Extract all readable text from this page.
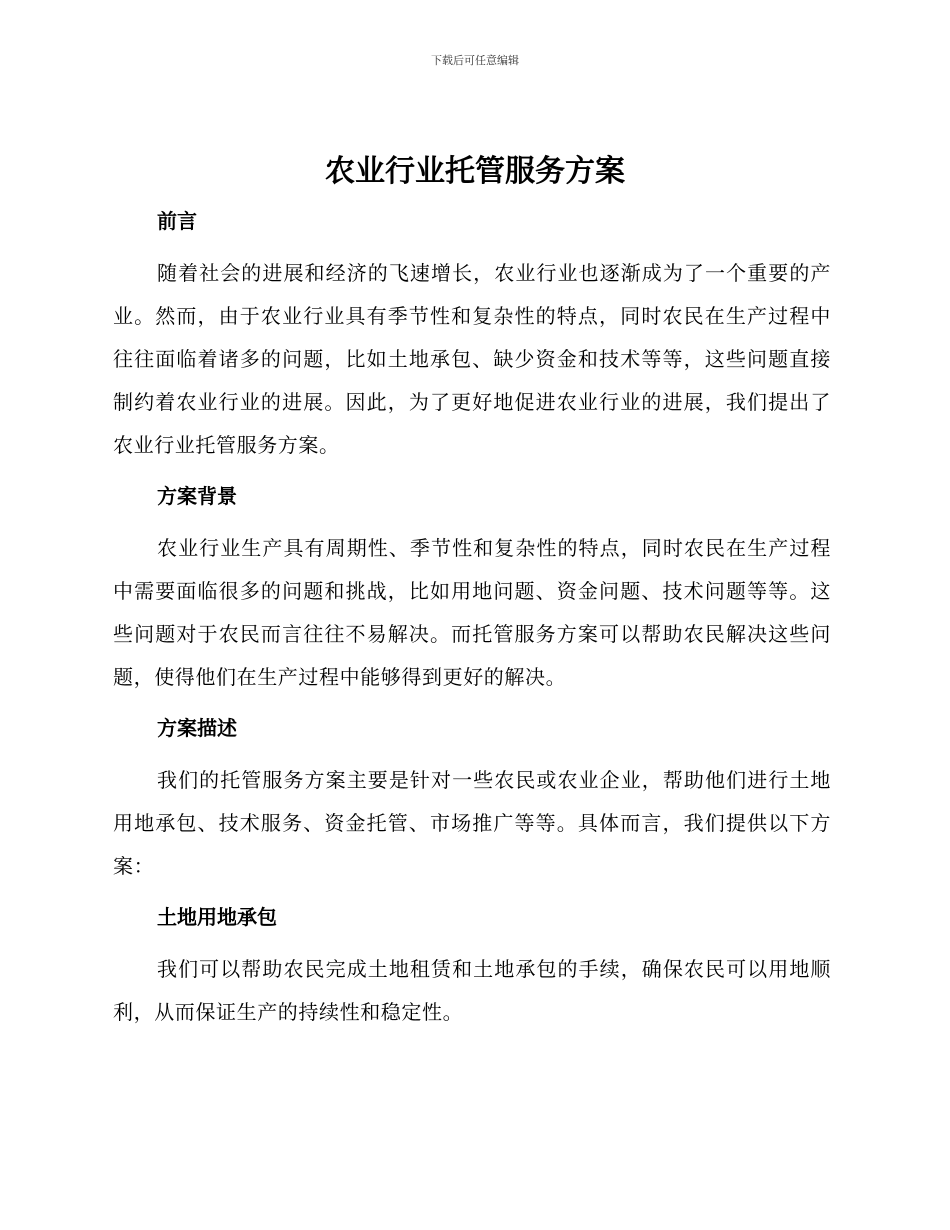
下载后可任意编辑
农业行业托管服务方案
前言

随着社会的进展和经济的飞速增长，农业行业也逐渐成为了一个重要的产业。然而，由于农业行业具有季节性和复杂性的特点，同时农民在生产过程中往往面临着诸多的问题，比如土地承包、缺少资金和技术等等，这些问题直接制约着农业行业的进展。因此，为了更好地促进农业行业的进展，我们提出了农业行业托管服务方案。

方案背景

农业行业生产具有周期性、季节性和复杂性的特点，同时农民在生产过程中需要面临很多的问题和挑战，比如用地问题、资金问题、技术问题等等。这些问题对于农民而言往往不易解决。而托管服务方案可以帮助农民解决这些问题，使得他们在生产过程中能够得到更好的解决。

方案描述

我们的托管服务方案主要是针对一些农民或农业企业，帮助他们进行土地用地承包、技术服务、资金托管、市场推广等等。具体而言，我们提供以下方案：

土地用地承包

我们可以帮助农民完成土地租赁和土地承包的手续，确保农民可以用地顺利，从而保证生产的持续性和稳定性。
